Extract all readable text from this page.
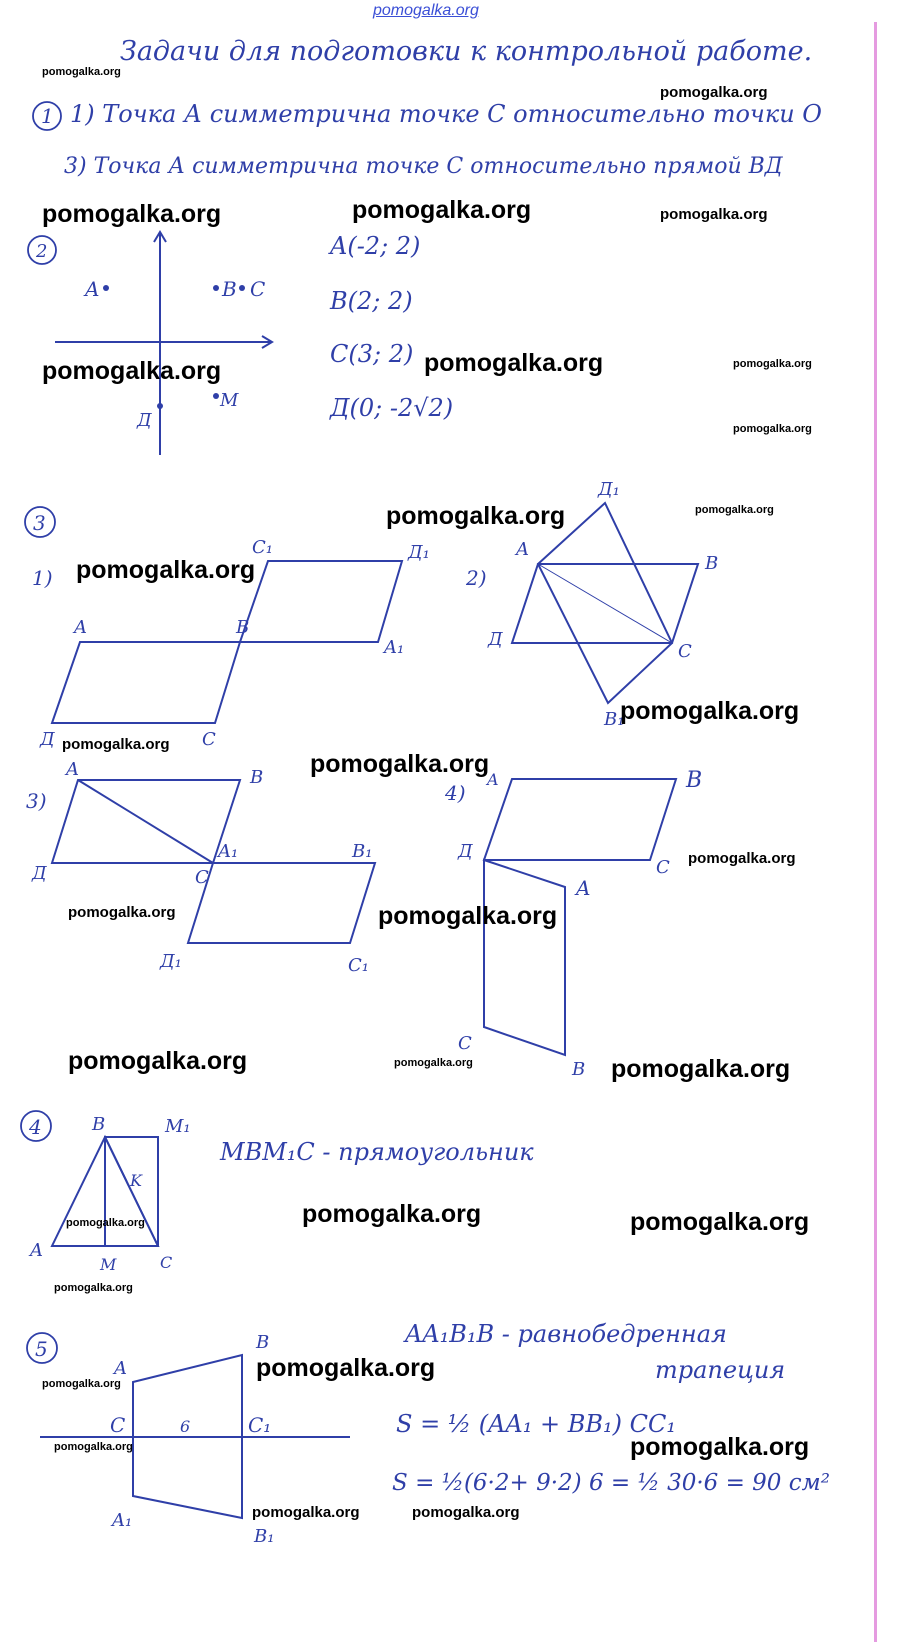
pomogalka.org
Задачи для подготовки к контрольной работе.
1 1) Точка А симметрична точке С относительно точки О
3) Точка А симметрична точке С относительно прямой ВД
2
A	B C
M
Д
A(-2; 2)
B(2; 2)
C(3; 2)
Д(0; -2√2)
3
1)
C₁	Д₁
A	B
A₁
Д	C
2)
Д₁
A
B
Д
C
B₁
3)
A	B
Д
A₁	B₁
C
Д₁	C₁
4)
A	B
Д
C
A
C
B
4	B	M₁
K
A
M	C
MBM₁C - прямоугольник
5	B
A
C	6	C₁
A₁
B₁
AA₁B₁B - равнобедренная
трапеция
S = ½ (AA₁ + BB₁) CC₁
S = ½(6·2+ 9·2) 6 = ½ 30·6 = 90 см²
pomogalka.org
pomogalka.org
pomogalka.org	pomogalka.org	pomogalka.org
pomogalka.org	pomogalka.org	pomogalka.org
pomogalka.org
pomogalka.org	pomogalka.org
pomogalka.org
pomogalka.org
pomogalka.org
pomogalka.org
pomogalka.org
pomogalka.org	pomogalka.org
pomogalka.org	pomogalka.org	pomogalka.org
pomogalka.org
pomogalka.org	pomogalka.org
pomogalka.org
pomogalka.org
pomogalka.org
pomogalka.org	pomogalka.org
pomogalka.org	pomogalka.org
